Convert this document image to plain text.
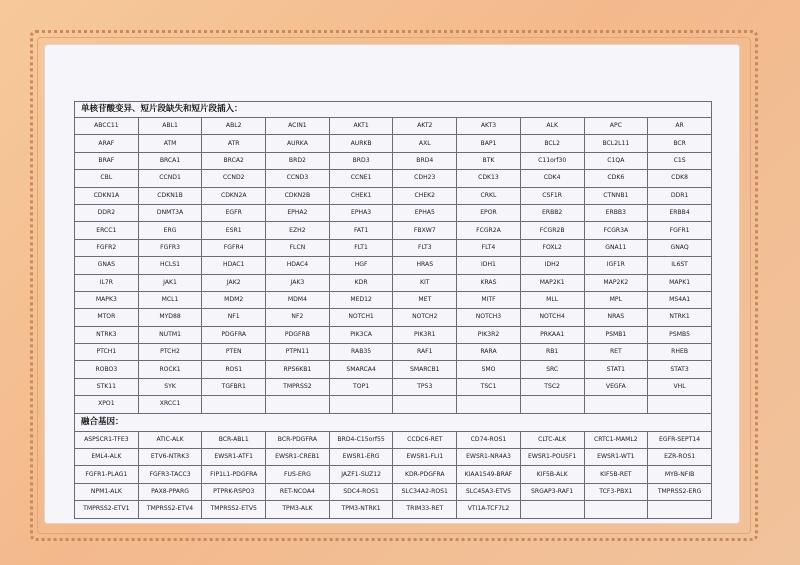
单核苷酸变异、短片段缺失和短片段插入：									
ABCC11	ABL1	ABL2	ACIN1	AKT1	AKT2	AKT3	ALK	APC	AR
ARAF	ATM	ATR	AURKA	AURKB	AXL	BAP1	BCL2	BCL2L11	BCR
BRAF	BRCA1	BRCA2	BRD2	BRD3	BRD4	BTK	C11orf30	C1QA	C1S
CBL	CCND1	CCND2	CCND3	CCNE1	CDH23	CDK13	CDK4	CDK6	CDK8
CDKN1A	CDKN1B	CDKN2A	CDKN2B	CHEK1	CHEK2	CRKL	CSF1R	CTNNB1	DDR1
DDR2	DNMT3A	EGFR	EPHA2	EPHA3	EPHA5	EPOR	ERBB2	ERBB3	ERBB4
ERCC1	ERG	ESR1	EZH2	FAT1	FBXW7	FCGR2A	FCGR2B	FCGR3A	FGFR1
FGFR2	FGFR3	FGFR4	FLCN	FLT1	FLT3	FLT4	FOXL2	GNA11	GNAQ
GNAS	HCLS1	HDAC1	HDAC4	HGF	HRAS	IDH1	IDH2	IGF1R	IL6ST
IL7R	JAK1	JAK2	JAK3	KDR	KIT	KRAS	MAP2K1	MAP2K2	MAPK1
MAPK3	MCL1	MDM2	MDM4	MED12	MET	MITF	MLL	MPL	MS4A1
MTOR	MYD88	NF1	NF2	NOTCH1	NOTCH2	NOTCH3	NOTCH4	NRAS	NTRK1
NTRK3	NUTM1	PDGFRA	PDGFRB	PIK3CA	PIK3R1	PIK3R2	PRKAA1	PSMB1	PSMB5
PTCH1	PTCH2	PTEN	PTPN11	RAB35	RAF1	RARA	RB1	RET	RHEB
ROBO3	ROCK1	ROS1	RPS6KB1	SMARCA4	SMARCB1	SMO	SRC	STAT1	STAT3
STK11	SYK	TGFBR1	TMPRSS2	TOP1	TP53	TSC1	TSC2	VEGFA	VHL
XPO1	XRCC1								
融合基因：									
ASPSCR1-TFE3	ATIC-ALK	BCR-ABL1	BCR-PDGFRA	BRD4-C15orf55	CCDC6-RET	CD74-ROS1	CLTC-ALK	CRTC1-MAML2	EGFR-SEPT14
EML4-ALK	ETV6-NTRK3	EWSR1-ATF1	EWSR1-CREB1	EWSR1-ERG	EWSR1-FLI1	EWSR1-NR4A3	EWSR1-POU5F1	EWSR1-WT1	EZR-ROS1
FGFR1-PLAG1	FGFR3-TACC3	FIP1L1-PDGFRA	FUS-ERG	JAZF1-SUZ12	KDR-PDGFRA	KIAA1549-BRAF	KIF5B-ALK	KIF5B-RET	MYB-NFIB
NPM1-ALK	PAX8-PPARG	PTPRK-RSPO3	RET-NCOA4	SDC4-ROS1	SLC34A2-ROS1	SLC45A3-ETV5	SRGAP3-RAF1	TCF3-PBX1	TMPRSS2-ERG
TMPRSS2-ETV1	TMPRSS2-ETV4	TMPRSS2-ETV5	TPM3-ALK	TPM3-NTRK1	TRIM33-RET	VTI1A-TCF7L2			
